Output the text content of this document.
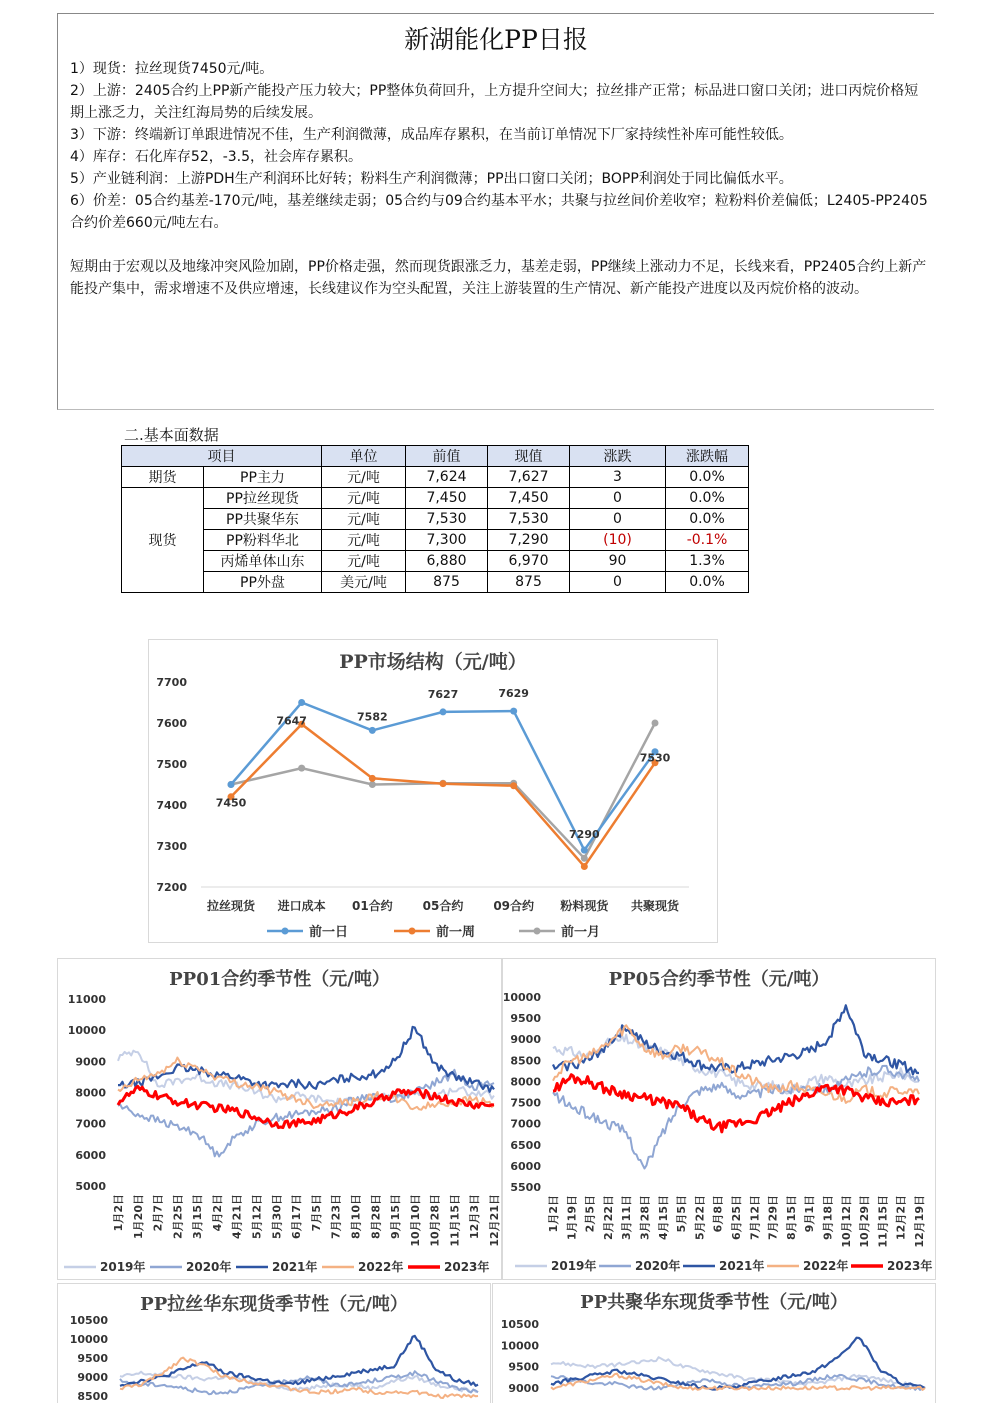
新湖能化PP日报

1）现货：拉丝现货7450元/吨。

2）上游：2405合约上PP新产能投产压力较大；PP整体负荷回升，上方提升空间大；拉丝排产正常；标品进口窗口关闭；进口丙烷价格短期上涨乏力，关注红海局势的后续发展。

3）下游：终端新订单跟进情况不佳，生产利润微薄，成品库存累积，在当前订单情况下厂家持续性补库可能性较低。

4）库存：石化库存52，-3.5，社会库存累积。

5）产业链利润：上游PDH生产利润环比好转；粉料生产利润微薄；PP出口窗口关闭；BOPP利润处于同比偏低水平。

6）价差：05合约基差-170元/吨，基差继续走弱；05合约与09合约基本平水；共聚与拉丝间价差收窄；粒粉料价差偏低；L2405-PP2405合约价差660元/吨左右。

短期由于宏观以及地缘冲突风险加剧，PP价格走强，然而现货跟涨乏力，基差走弱，PP继续上涨动力不足，长线来看，PP2405合约上新产能投产集中，需求增速不及供应增速，长线建议作为空头配置，关注上游装置的生产情况、新产能投产进度以及丙烷价格的波动。

二.基本面数据
项目		单位	前值	现值	涨跌	涨跌幅
期货	PP主力	元/吨	7,624	7,627	3	0.0%
现货	PP拉丝现货	元/吨	7,450	7,450	0	0.0%
	PP共聚华东	元/吨	7,530	7,530	0	0.0%
	PP粉料华北	元/吨	7,300	7,290	(10)	-0.1%
	丙烯单体山东	元/吨	6,880	6,970	90	1.3%
	PP外盘	美元/吨	875	875	0	0.0%
PP市场结构（元/吨）
7200
7300
7400
7500
7600
7700
拉丝现货 进口成本 01合约 05合约 09合约 粉料现货 共聚现货
7450
7647	7582
7627	7629
7290
7530
前一日	前一周	前一月
PP01合约季节性（元/吨）
5000
6000
7000
8000
9000
10000
11000
1月2日 1月20日 2月7日 2月25日 3月15日 4月2日 4月21日 5月12日 5月30日 6月17日 7月5日 7月23日 8月10日 8月28日 9月15日 10月10日 10月28日 11月15日 12月3日 12月21日
2019年	2020年	2021年	2022年	2023年
PP05合约季节性（元/吨）
5500
6000
6500
7000
7500
8000
8500
9000
9500
10000
1月2日 1月19日 2月5日 2月22日 3月11日 3月28日 4月15日 5月5日 5月22日 6月8日 6月25日 7月12日 7月29日 8月15日 9月1日 9月18日 10月12日 10月29日 11月15日 12月2日 12月19日
2019年	2020年	2021年	2022年	2023年
PP拉丝华东现货季节性（元/吨）
8500
9000
9500
10000
10500
PP共聚华东现货季节性（元/吨）
9000
9500
10000
10500
